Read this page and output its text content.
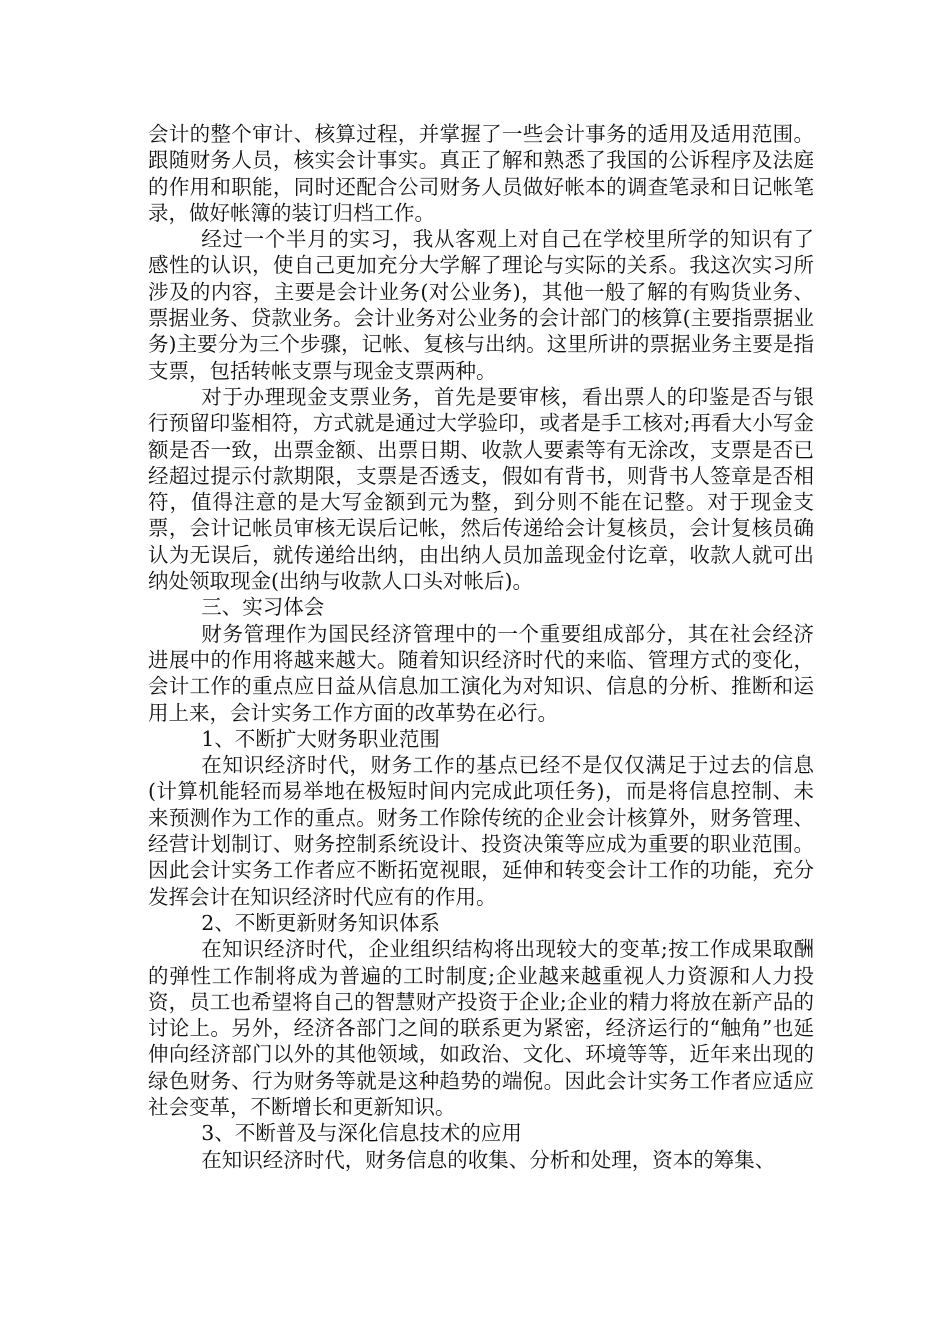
会计的整个审计、核算过程，并掌握了一些会计事务的适用及适用范围。跟随财务人员，核实会计事实。真正了解和熟悉了我国的公诉程序及法庭的作用和职能，同时还配合公司财务人员做好帐本的调查笔录和日记帐笔录，做好帐簿的装订归档工作。

经过一个半月的实习，我从客观上对自己在学校里所学的知识有了感性的认识，使自己更加充分大学解了理论与实际的关系。我这次实习所涉及的内容，主要是会计业务(对公业务)，其他一般了解的有购货业务、票据业务、贷款业务。会计业务对公业务的会计部门的核算(主要指票据业务)主要分为三个步骤，记帐、复核与出纳。这里所讲的票据业务主要是指支票，包括转帐支票与现金支票两种。

对于办理现金支票业务，首先是要审核，看出票人的印鉴是否与银行预留印鉴相符，方式就是通过大学验印，或者是手工核对;再看大小写金额是否一致，出票金额、出票日期、收款人要素等有无涂改，支票是否已经超过提示付款期限，支票是否透支，假如有背书，则背书人签章是否相符，值得注意的是大写金额到元为整，到分则不能在记整。对于现金支票，会计记帐员审核无误后记帐，然后传递给会计复核员，会计复核员确认为无误后，就传递给出纳，由出纳人员加盖现金付讫章，收款人就可出纳处领取现金(出纳与收款人口头对帐后)。

三、实习体会

财务管理作为国民经济管理中的一个重要组成部分，其在社会经济进展中的作用将越来越大。随着知识经济时代的来临、管理方式的变化，会计工作的重点应日益从信息加工演化为对知识、信息的分析、推断和运用上来，会计实务工作方面的改革势在必行。

1、不断扩大财务职业范围

在知识经济时代，财务工作的基点已经不是仅仅满足于过去的信息(计算机能轻而易举地在极短时间内完成此项任务)，而是将信息控制、未来预测作为工作的重点。财务工作除传统的企业会计核算外，财务管理、经营计划制订、财务控制系统设计、投资决策等应成为重要的职业范围。因此会计实务工作者应不断拓宽视眼，延伸和转变会计工作的功能，充分发挥会计在知识经济时代应有的作用。

2、不断更新财务知识体系

在知识经济时代，企业组织结构将出现较大的变革;按工作成果取酬的弹性工作制将成为普遍的工时制度;企业越来越重视人力资源和人力投资，员工也希望将自己的智慧财产投资于企业;企业的精力将放在新产品的讨论上。另外，经济各部门之间的联系更为紧密，经济运行的“触角”也延伸向经济部门以外的其他领域，如政治、文化、环境等等，近年来出现的绿色财务、行为财务等就是这种趋势的端倪。因此会计实务工作者应适应社会变革，不断增长和更新知识。

3、不断普及与深化信息技术的应用

在知识经济时代，财务信息的收集、分析和处理，资本的筹集、
